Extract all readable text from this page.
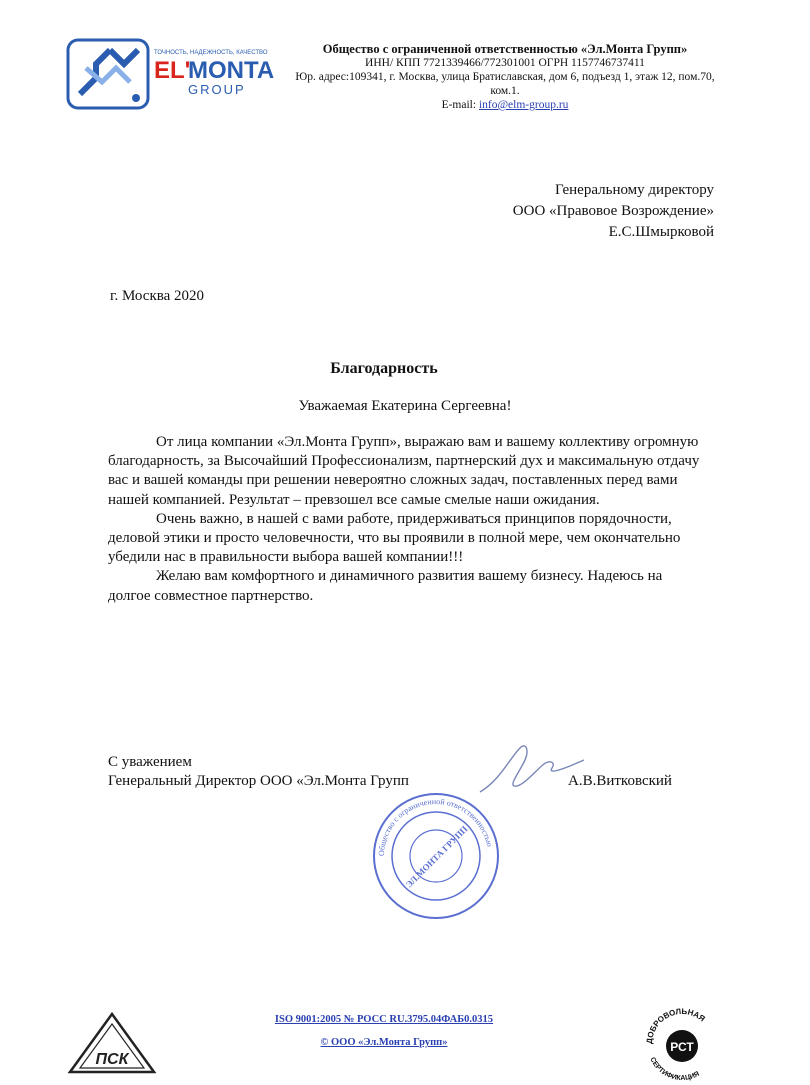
ТОЧНОСТЬ, НАДЕЖНОСТЬ, КАЧЕСТВО
EL'
MONTA
GROUP
Общество с ограниченной ответственностью «Эл.Монта Групп»
ИНН/ КПП 7721339466/772301001 ОГРН 1157746737411
Юр. адрес:109341, г. Москва, улица Братиславская, дом 6, подъезд 1, этаж 12, пом.70,
ком.1.
E-mail: info@elm-group.ru
Генеральному директору
ООО «Правовое Возрождение»
Е.С.Шмырковой
г. Москва 2020
Благодарность
Уважаемая Екатерина Сергеевна!

От лица компании «Эл.Монта Групп», выражаю вам и вашему коллективу огромную благодарность, за Высочайший Профессионализм, партнерский дух и максимальную отдачу вас и вашей команды при решении невероятно сложных задач, поставленных перед вами нашей компанией. Результат – превзошел все самые смелые наши ожидания.

Очень важно, в нашей с вами работе, придерживаться принципов порядочности, деловой этики и просто человечности, что вы проявили в полной мере, чем окончательно убедили нас в правильности выбора вашей компании!!!

Желаю вам комфортного и динамичного развития вашему бизнесу. Надеюсь на долгое совместное партнерство.

С уважением
Генеральный Директор ООО «Эл.Монта Групп	А.В.Витковский
Общество с ограниченной ответственностью
ЭЛ.МОНТА ГРУПП
ISO 9001:2005 № РОСС RU.3795.04ФАБ0.0315
© ООО «Эл.Монта Групп»
ПСК
ДОБРОВОЛЬНАЯ
РСТ
СЕРТИФИКАЦИЯ
